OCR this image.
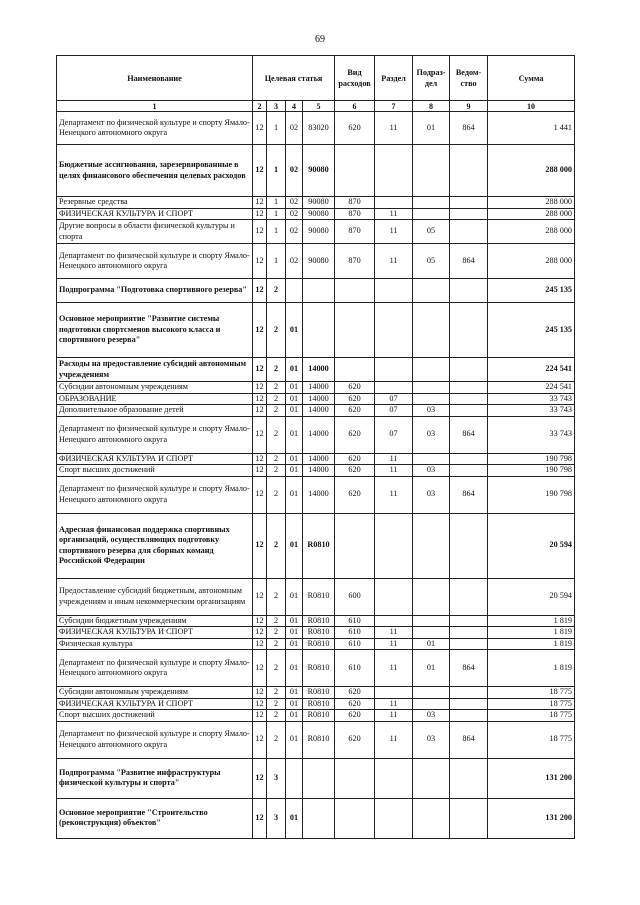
69
Наименование	Целевая статья				Вид расходов	Раздел	Подраз-дел	Ведом-ство	Сумма
1	2	3	4	5	6	7	8	9	10
Департамент по физической культуре и спорту Ямало-Ненецкого автономного округа	12	1	02	83020	620	11	01	864	1 441
Бюджетные ассигнования, зарезервированные в целях финансового обеспечения целевых расходов	12	1	02	90080					288 000
Резервные средства	12	1	02	90080	870				288 000
ФИЗИЧЕСКАЯ КУЛЬТУРА И СПОРТ	12	1	02	90080	870	11			288 000
Другие вопросы в области физической культуры и спорта	12	1	02	90080	870	11	05		288 000
Департамент по физической культуре и спорту Ямало-Ненецкого автономного округа	12	1	02	90080	870	11	05	864	288 000
Подпрограмма "Подготовка спортивного резерва"	12	2							245 135
Основное мероприятие "Развитие системы подготовки спортсменов высокого класса и спортивного резерва"	12	2	01						245 135
Расходы на предоставление субсидий автономным учреждениям	12	2	01	14000					224 541
Субсидии автономным учреждениям	12	2	01	14000	620				224 541
ОБРАЗОВАНИЕ	12	2	01	14000	620	07			33 743
Дополнительное образование детей	12	2	01	14000	620	07	03		33 743
Департамент по физической культуре и спорту Ямало-Ненецкого автономного округа	12	2	01	14000	620	07	03	864	33 743
ФИЗИЧЕСКАЯ КУЛЬТУРА И СПОРТ	12	2	01	14000	620	11			190 798
Спорт высших достижений	12	2	01	14000	620	11	03		190 798
Департамент по физической культуре и спорту Ямало-Ненецкого автономного округа	12	2	01	14000	620	11	03	864	190 798
Адресная финансовая поддержка спортивных организаций, осуществляющих подготовку спортивного резерва для сборных команд Российской Федерации	12	2	01	R0810					20 594
Предоставление субсидий бюджетным, автономным учреждениям и иным некоммерческим организациям	12	2	01	R0810	600				20 594
Субсидии бюджетным учреждениям	12	2	01	R0810	610				1 819
ФИЗИЧЕСКАЯ КУЛЬТУРА И СПОРТ	12	2	01	R0810	610	11			1 819
Физическая культура	12	2	01	R0810	610	11	01		1 819
Департамент по физической культуре и спорту Ямало-Ненецкого автономного округа	12	2	01	R0810	610	11	01	864	1 819
Субсидии автономным учреждениям	12	2	01	R0810	620				18 775
ФИЗИЧЕСКАЯ КУЛЬТУРА И СПОРТ	12	2	01	R0810	620	11			18 775
Спорт высших достижений	12	2	01	R0810	620	11	03		18 775
Департамент по физической культуре и спорту Ямало-Ненецкого автономного округа	12	2	01	R0810	620	11	03	864	18 775
Подпрограмма "Развитие инфраструктуры физической культуры и спорта"	12	3							131 200
Основное мероприятие "Строительство (реконструкция) объектов"	12	3	01						131 200
